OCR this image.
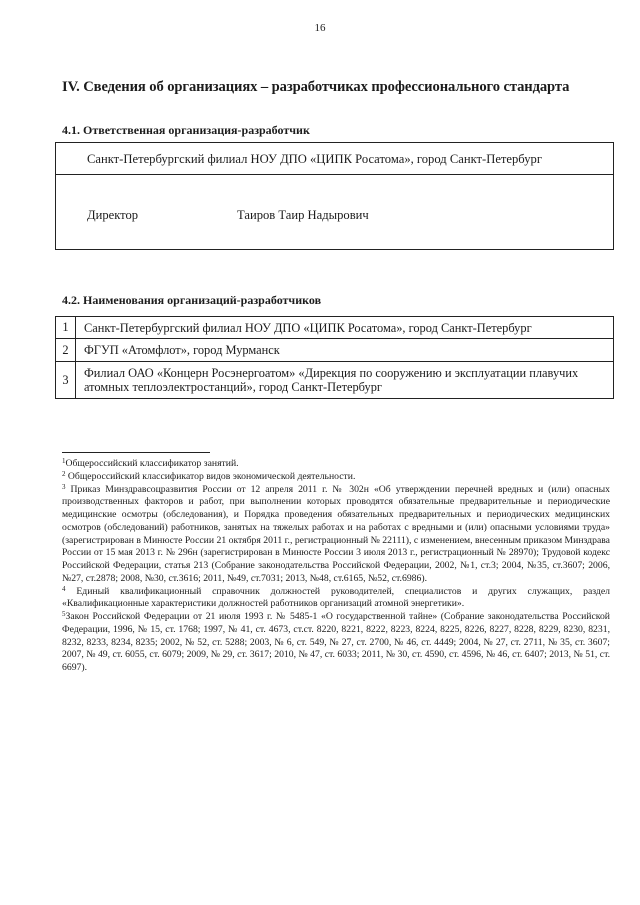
16
IV. Сведения об организациях – разработчиках профессионального стандарта
4.1. Ответственная организация-разработчик
Санкт-Петербургский филиал НОУ ДПО «ЦИПК Росатома», город Санкт-Петербург
Директор	Таиров Таир Надырович
4.2. Наименования организаций-разработчиков
1	Санкт-Петербургский филиал НОУ ДПО «ЦИПК Росатома», город Санкт-Петербург
2	ФГУП «Атомфлот», город Мурманск
3	Филиал ОАО «Концерн Росэнергоатом» «Дирекция по сооружению и эксплуатации плавучих атомных теплоэлектростанций», город Санкт-Петербург

$^1$Общероссийский классификатор занятий.

$^2$ Общероссийский классификатор видов экономической деятельности.

$^3$ Приказ Минздравсоцразвития России от 12 апреля 2011 г. № 302н «Об утверждении перечней вредных и (или) опасных производственных факторов и работ, при выполнении которых проводятся обязательные предварительные и периодические медицинские осмотры (обследования), и Порядка проведения обязательных предварительных и периодических медицинских осмотров (обследований) работников, занятых на тяжелых работах и на работах с вредными и (или) опасными условиями труда» (зарегистрирован в Минюсте России 21 октября 2011 г., регистрационный № 22111), с изменением, внесенным приказом Минздрава России от 15 мая 2013 г. № 296н (зарегистрирован в Минюсте России 3 июля 2013 г., регистрационный № 28970); Трудовой кодекс Российской Федерации, статья 213 (Собрание законодательства Российской Федерации, 2002, №1, ст.3; 2004, №35, ст.3607; 2006, №27, ст.2878; 2008, №30, ст.3616; 2011, №49, ст.7031; 2013, №48, ст.6165, №52, ст.6986).

$^4$ Единый квалификационный справочник должностей руководителей, специалистов и других служащих, раздел «Квалификационные характеристики должностей работников организаций атомной энергетики».

$^5$Закон Российской Федерации от 21 июля 1993 г. № 5485-1 «О государственной тайне» (Собрание законодательства Российской Федерации, 1996, № 15, ст. 1768; 1997, № 41, ст. 4673, ст.ст. 8220, 8221, 8222, 8223, 8224, 8225, 8226, 8227, 8228, 8229, 8230, 8231, 8232, 8233, 8234, 8235; 2002, № 52, ст. 5288; 2003, № 6, ст. 549, № 27, ст. 2700, № 46, ст. 4449; 2004, № 27, ст. 2711, № 35, ст. 3607; 2007, № 49, ст. 6055, ст. 6079; 2009, № 29, ст. 3617; 2010, № 47, ст. 6033; 2011, № 30, ст. 4590, ст. 4596, № 46, ст. 6407; 2013, № 51, ст. 6697).
